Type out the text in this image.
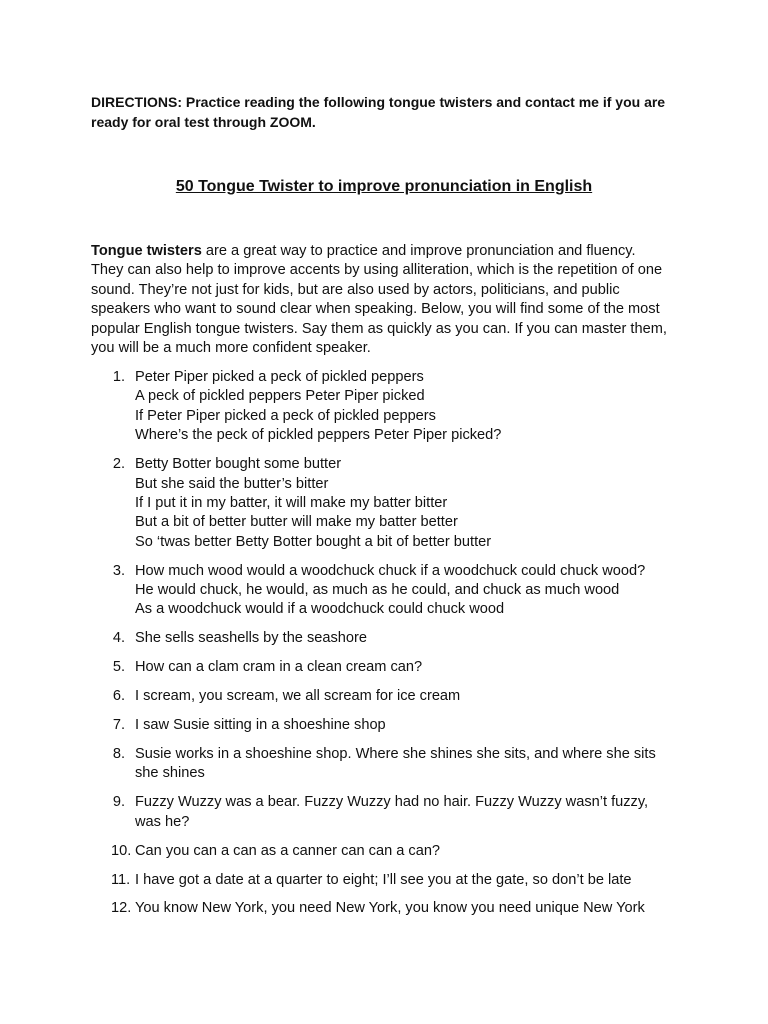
DIRECTIONS: Practice reading the following tongue twisters and contact me if you are ready for oral test through ZOOM.

50 Tongue Twister to improve pronunciation in English

Tongue twisters are a great way to practice and improve pronunciation and fluency. They can also help to improve accents by using alliteration, which is the repetition of one sound. They’re not just for kids, but are also used by actors, politicians, and public speakers who want to sound clear when speaking. Below, you will find some of the most popular English tongue twisters. Say them as quickly as you can. If you can master them, you will be a much more confident speaker.

1. Peter Piper picked a peck of pickled peppers
A peck of pickled peppers Peter Piper picked
If Peter Piper picked a peck of pickled peppers
Where’s the peck of pickled peppers Peter Piper picked?
2. Betty Botter bought some butter
But she said the butter’s bitter
If I put it in my batter, it will make my batter bitter
But a bit of better butter will make my batter better
So ‘twas better Betty Botter bought a bit of better butter
3. How much wood would a woodchuck chuck if a woodchuck could chuck wood?
He would chuck, he would, as much as he could, and chuck as much wood
As a woodchuck would if a woodchuck could chuck wood
4. She sells seashells by the seashore
5. How can a clam cram in a clean cream can?
6. I scream, you scream, we all scream for ice cream
7. I saw Susie sitting in a shoeshine shop
8. Susie works in a shoeshine shop. Where she shines she sits, and where she sits
she shines
9. Fuzzy Wuzzy was a bear. Fuzzy Wuzzy had no hair. Fuzzy Wuzzy wasn’t fuzzy,
was he?
10. Can you can a can as a canner can can a can?
11. I have got a date at a quarter to eight; I’ll see you at the gate, so don’t be late
12. You know New York, you need New York, you know you need unique New York
